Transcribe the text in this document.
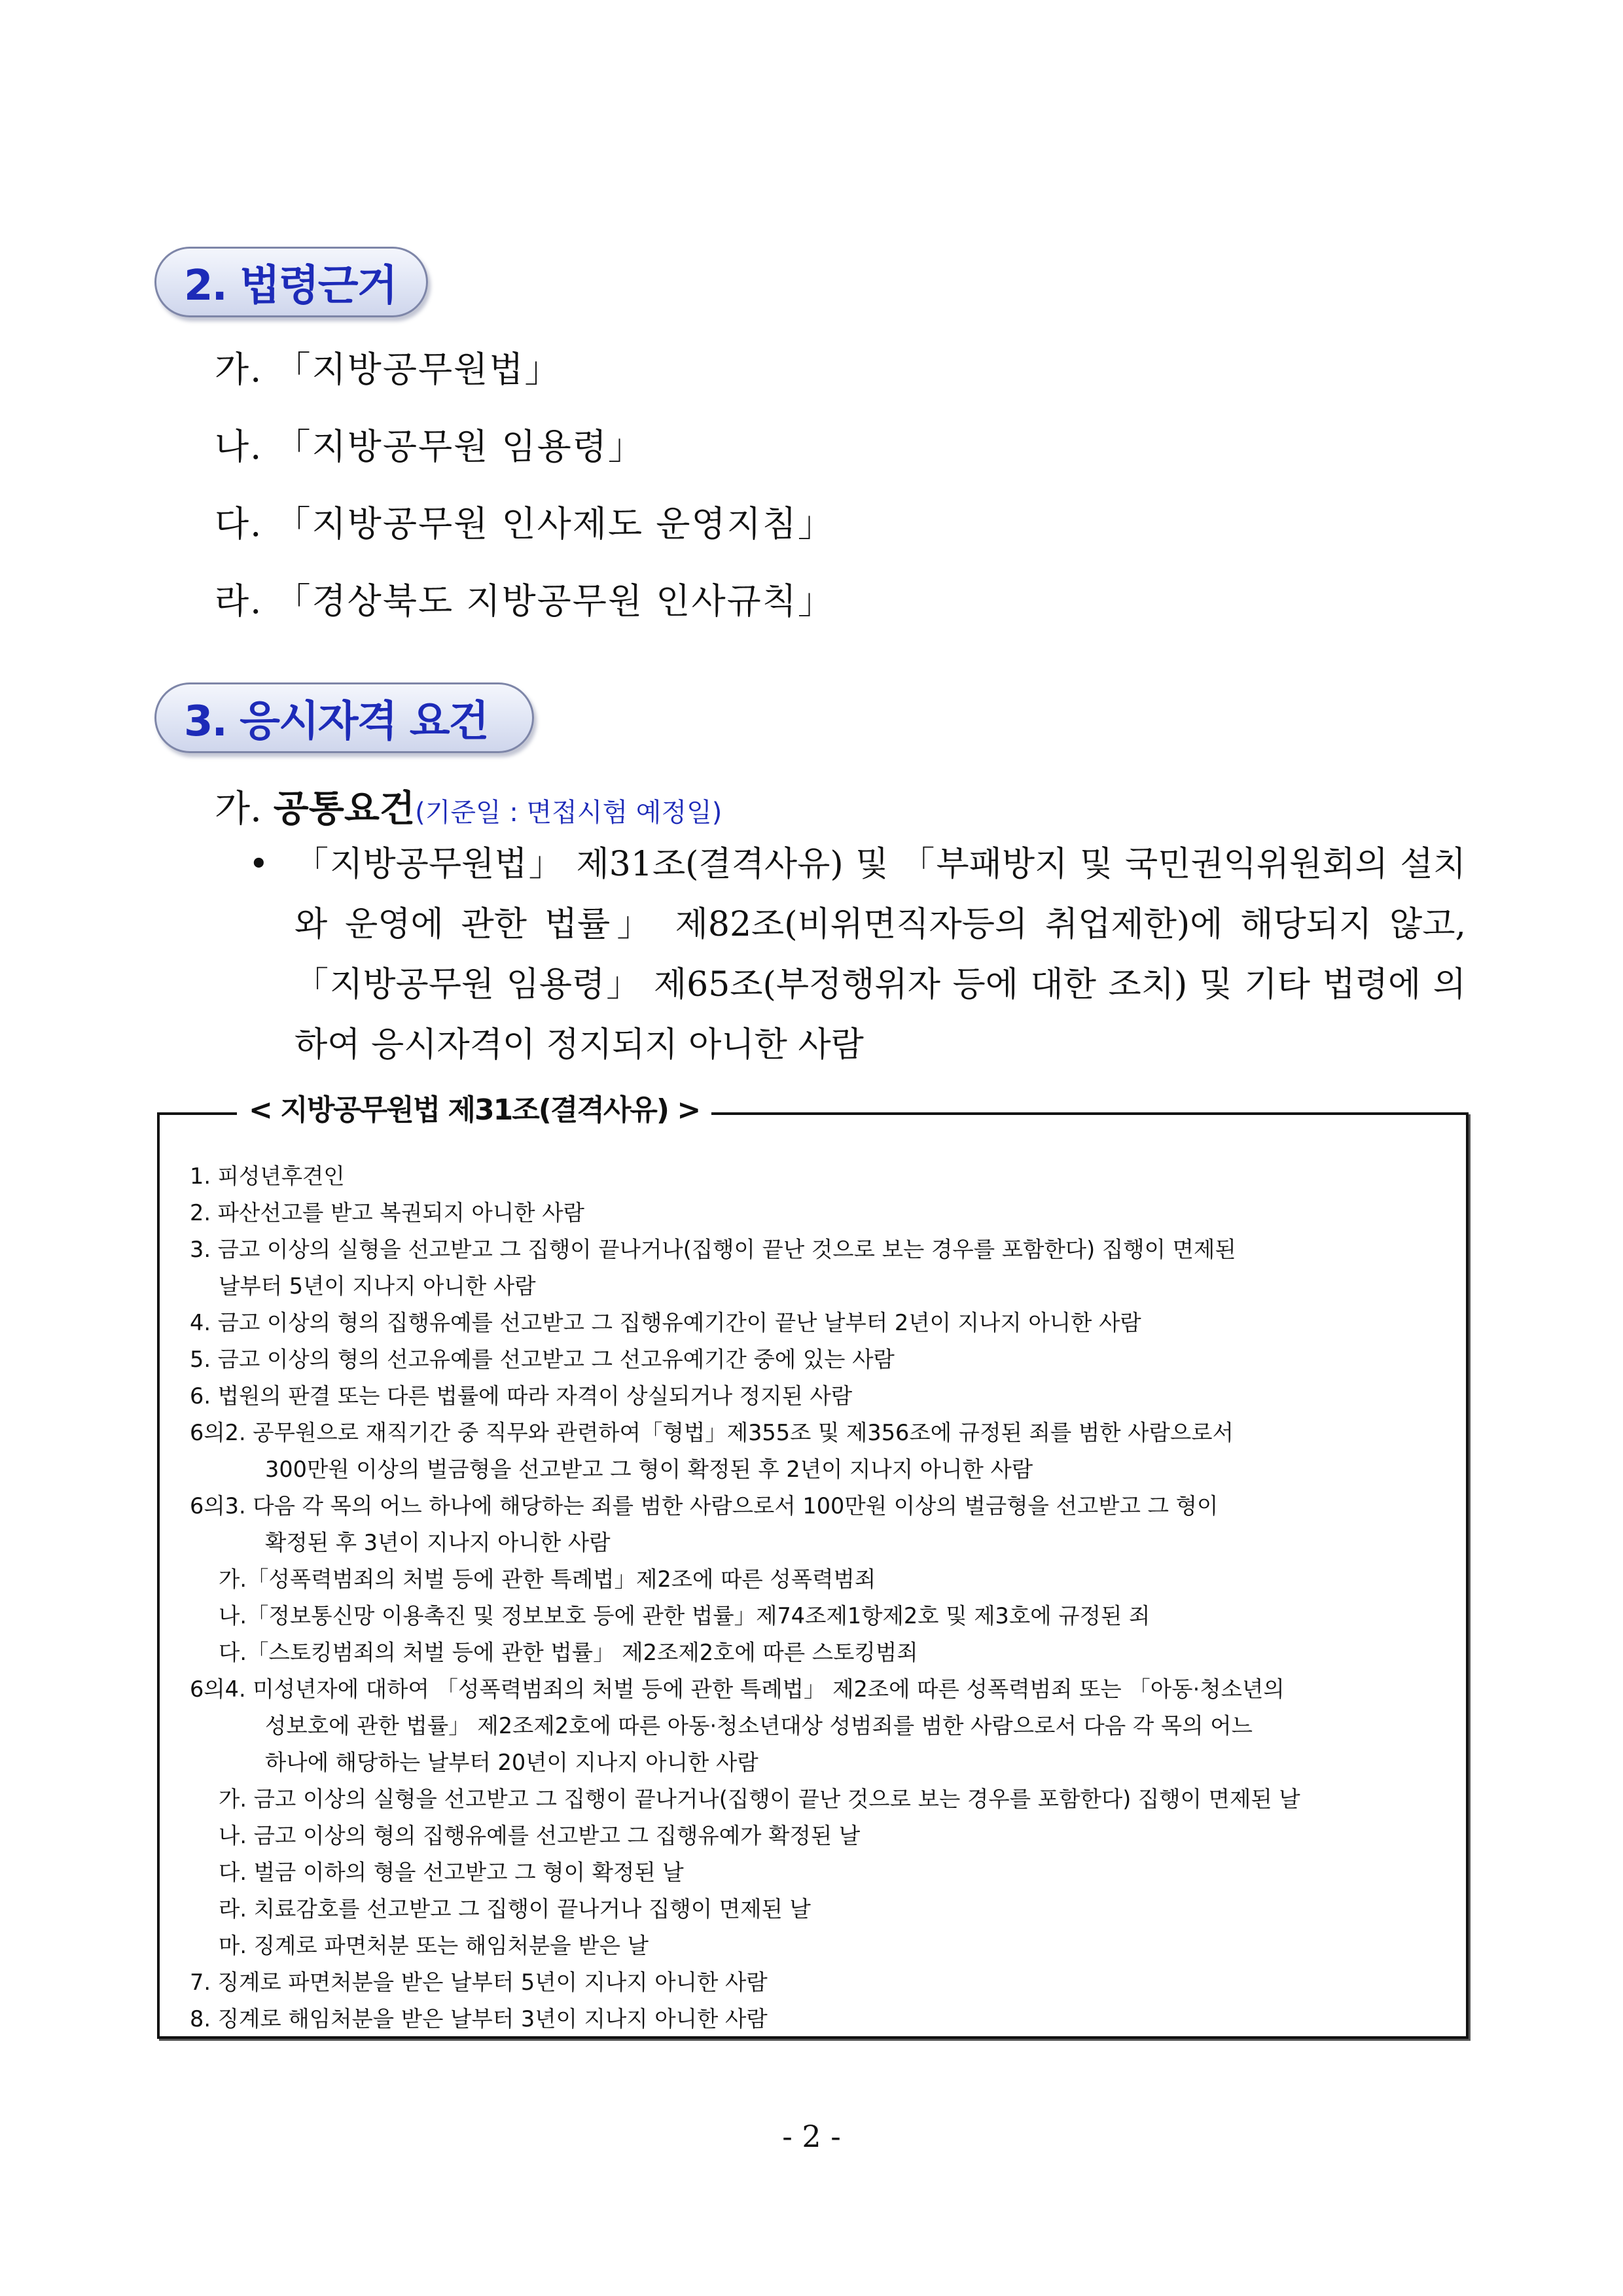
2. 법령근거
가. 「지방공무원법」
나. 「지방공무원 임용령」
다. 「지방공무원 인사제도 운영지침」
라. 「경상북도 지방공무원 인사규칙」
3. 응시자격 요건
가. 공통요건(기준일 : 면접시험 예정일)
• 「지방공무원법」 제31조(결격사유) 및 「부패방지 및 국민권익위원회의 설치와 운영에 관한 법률」 제82조(비위면직자등의 취업제한)에 해당되지 않고, 「지방공무원 임용령」 제65조(부정행위자 등에 대한 조치) 및 기타 법령에 의하여 응시자격이 정지되지 아니한 사람
< 지방공무원법 제31조(결격사유) >
1. 피성년후견인
2. 파산선고를 받고 복권되지 아니한 사람
3. 금고 이상의 실형을 선고받고 그 집행이 끝나거나(집행이 끝난 것으로 보는 경우를 포함한다) 집행이 면제된
날부터 5년이 지나지 아니한 사람
4. 금고 이상의 형의 집행유예를 선고받고 그 집행유예기간이 끝난 날부터 2년이 지나지 아니한 사람
5. 금고 이상의 형의 선고유예를 선고받고 그 선고유예기간 중에 있는 사람
6. 법원의 판결 또는 다른 법률에 따라 자격이 상실되거나 정지된 사람
6의2. 공무원으로 재직기간 중 직무와 관련하여「형법」제355조 및 제356조에 규정된 죄를 범한 사람으로서
300만원 이상의 벌금형을 선고받고 그 형이 확정된 후 2년이 지나지 아니한 사람
6의3. 다음 각 목의 어느 하나에 해당하는 죄를 범한 사람으로서 100만원 이상의 벌금형을 선고받고 그 형이
확정된 후 3년이 지나지 아니한 사람
가.「성폭력범죄의 처벌 등에 관한 특례법」제2조에 따른 성폭력범죄
나.「정보통신망 이용촉진 및 정보보호 등에 관한 법률」제74조제1항제2호 및 제3호에 규정된 죄
다.「스토킹범죄의 처벌 등에 관한 법률」 제2조제2호에 따른 스토킹범죄
6의4. 미성년자에 대하여 「성폭력범죄의 처벌 등에 관한 특례법」 제2조에 따른 성폭력범죄 또는 「아동·청소년의
성보호에 관한 법률」 제2조제2호에 따른 아동·청소년대상 성범죄를 범한 사람으로서 다음 각 목의 어느
하나에 해당하는 날부터 20년이 지나지 아니한 사람
가. 금고 이상의 실형을 선고받고 그 집행이 끝나거나(집행이 끝난 것으로 보는 경우를 포함한다) 집행이 면제된 날
나. 금고 이상의 형의 집행유예를 선고받고 그 집행유예가 확정된 날
다. 벌금 이하의 형을 선고받고 그 형이 확정된 날
라. 치료감호를 선고받고 그 집행이 끝나거나 집행이 면제된 날
마. 징계로 파면처분 또는 해임처분을 받은 날
7. 징계로 파면처분을 받은 날부터 5년이 지나지 아니한 사람
8. 징계로 해임처분을 받은 날부터 3년이 지나지 아니한 사람
- 2 -
